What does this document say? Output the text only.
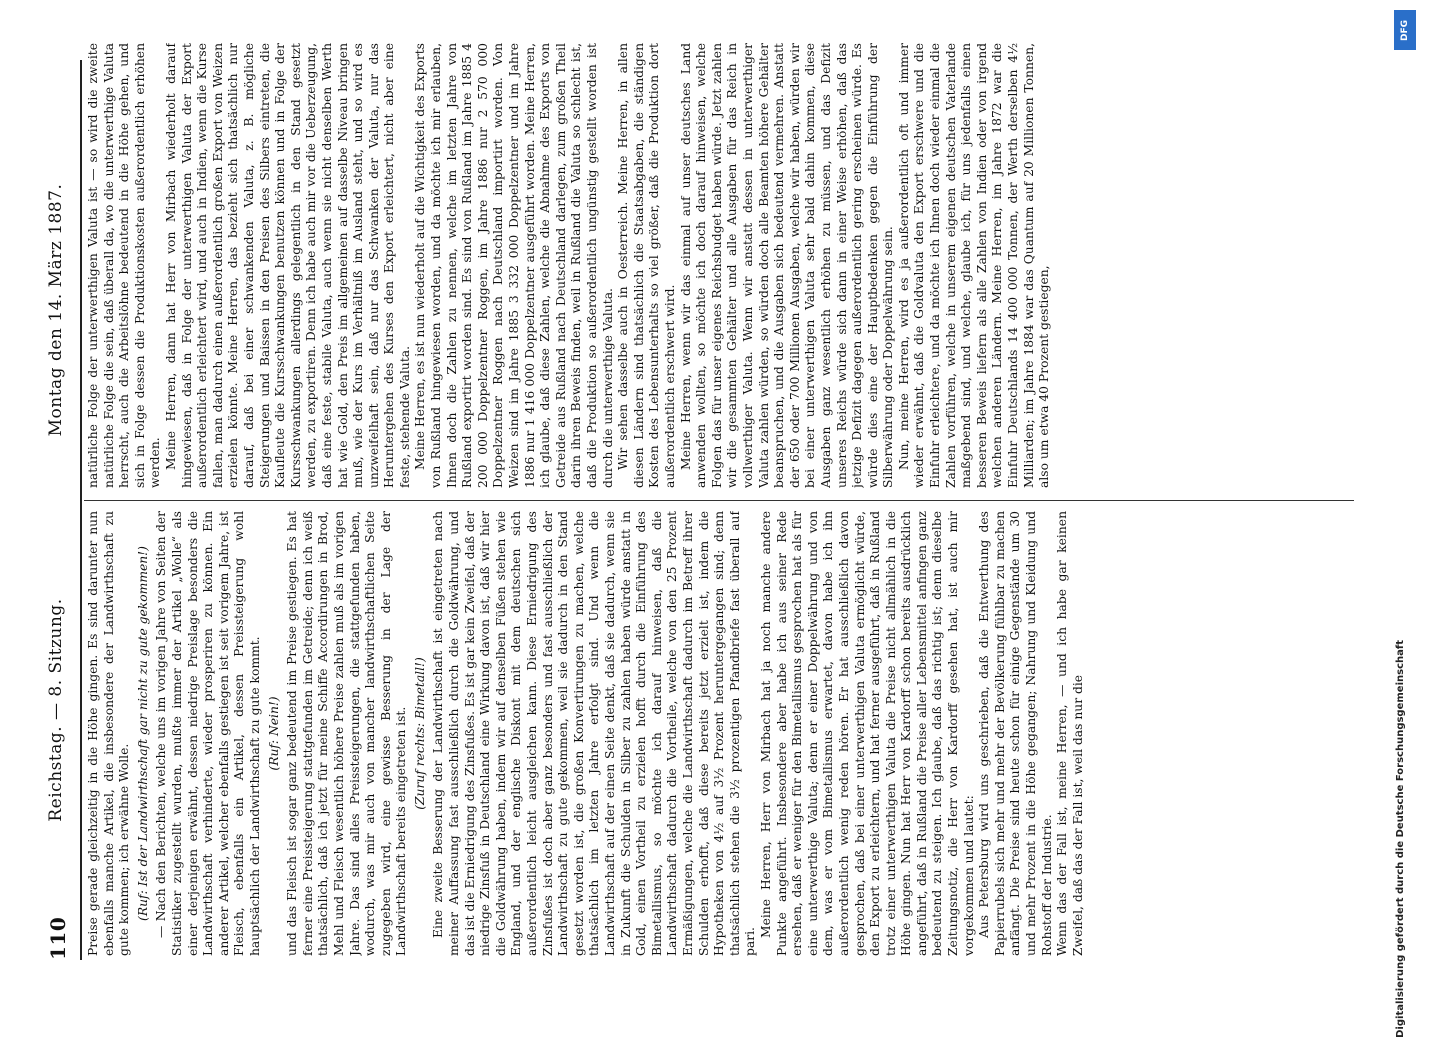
110
Reichstag. — 8. Sitzung.
Montag den 14. März 1887.

Preise gerade gleichzeitig in die Höhe gingen. Es sind darunter nun ebenfalls manche Artikel, die insbesondere der Landwirthschaft zu gute kommen; ich erwähne Wolle. (Ruf: Ist der Landwirthschaft gar nicht zu gute gekommen!) — Nach den Berichten, welche uns im vorigen Jahre von Seiten der Statistiker zugestellt wurden, mußte immer der Artikel „Wolle“ als einer derjenigen erwähnt, dessen niedrige Preislage besonders die Landwirthschaft verhinderte, wieder prosperiren zu können. Ein anderer Artikel, welcher ebenfalls gestiegen ist seit vorigem Jahre, ist Fleisch, ebenfalls ein Artikel, dessen Preissteigerung wohl hauptsächlich der Landwirthschaft zu gute kommt. (Ruf: Nein!) und das Fleisch ist sogar ganz bedeutend im Preise gestiegen. Es hat ferner eine Preissteigerung stattgefunden im Getreide; denn ich weiß thatsächlich, daß ich jetzt für meine Schiffe Accordirungen in Brod, Mehl und Fleisch wesentlich höhere Preise zahlen muß als im vorigen Jahre. Das sind alles Preissteigerungen, die stattgefunden haben, wodurch, was mir auch von mancher landwirthschaftlichen Seite zugegeben wird, eine gewisse Besserung in der Lage der Landwirthschaft bereits eingetreten ist. (Zuruf rechts: Bimetall!) Eine zweite Besserung der Landwirthschaft ist eingetreten nach meiner Auffassung fast ausschließlich durch die Goldwährung, und das ist die Erniedrigung des Zinsfußes. Es ist gar kein Zweifel, daß der niedrige Zinsfuß in Deutschland eine Wirkung davon ist, daß wir hier die Goldwährung haben, indem wir auf denselben Füßen stehen wie England, und der englische Diskont mit dem deutschen sich außerordentlich leicht ausgleichen kann. Diese Erniedrigung des Zinsfußes ist doch aber ganz besonders und fast ausschließlich der Landwirthschaft zu gute gekommen, weil sie dadurch in den Stand gesetzt worden ist, die großen Konvertirungen zu machen, welche thatsächlich im letzten Jahre erfolgt sind. Und wenn die Landwirthschaft auf der einen Seite denkt, daß sie dadurch, wenn sie in Zukunft die Schulden in Silber zu zahlen haben würde anstatt in Gold, einen Vortheil zu erzielen hofft durch die Einführung des Bimetallismus, so möchte ich darauf hinweisen, daß die Landwirthschaft dadurch die Vortheile, welche von den 25 Prozent Ermäßigungen, welche die Landwirthschaft dadurch im Betreff ihrer Schulden erhofft, daß diese bereits jetzt erzielt ist, indem die Hypotheken von 4½ auf 3½ Prozent heruntergegangen sind; denn thatsächlich stehen die 3½ prozentigen Pfandbriefe fast überall auf pari.

Meine Herren, Herr von Mirbach hat ja noch manche andere Punkte angeführt. Insbesondere aber habe ich aus seiner Rede ersehen, daß er weniger für den Bimetallismus gesprochen hat als für eine unterwerthige Valuta; denn er einer Doppelwährung und von dem, was er vom Bimetallismus erwartet, davon habe ich ihn außerordentlich wenig reden hören. Er hat ausschließlich davon gesprochen, daß bei einer unterwerthigen Valuta ermöglicht würde, den Export zu erleichtern, und hat ferner ausgeführt, daß in Rußland trotz einer unterwerthigen Valuta die Preise nicht allmählich in die Höhe gingen. Nun hat Herr von Kardorff schon bereits ausdrücklich angeführt, daß in Rußland die Preise aller Lebensmittel anfingen ganz bedeutend zu steigen. Ich glaube, daß das richtig ist; denn dieselbe Zeitungsnotiz, die Herr von Kardorff gesehen hat, ist auch mir vorgekommen und lautet: Aus Petersburg wird uns geschrieben, daß die Entwerthung des Papierrubels sich mehr und mehr der Bevölkerung fühlbar zu machen anfängt. Die Preise sind heute schon für einige Gegenstände um 30 und mehr Prozent in die Höhe gegangen; Nahrung und Kleidung und Rohstoff der Industrie. Wenn das der Fall ist, meine Herren, — und ich habe gar keinen Zweifel, daß das der Fall ist, weil das nur die

natürliche Folge der unterwerthigen Valuta ist — so wird die zweite natürliche Folge die sein, daß überall da, wo die unterwerthige Valuta herrscht, auch die Arbeitslöhne bedeutend in die Höhe gehen, und sich in Folge dessen die Produktionskosten außerordentlich erhöhen werden. Meine Herren, dann hat Herr von Mirbach wiederholt darauf hingewiesen, daß in Folge der unterwerthigen Valuta der Export außerordentlich erleichtert wird, und auch in Indien, wenn die Kurse fallen, man dadurch einen außerordentlich großen Export von Weizen erzielen könnte. Meine Herren, das bezieht sich thatsächlich nur darauf, daß bei einer schwankenden Valuta, z. B. mögliche Steigerungen und Baissen in den Preisen des Silbers eintreten, die Kaufleute die Kursschwankungen benutzen können und in Folge der Kursschwankungen allerdings gelegentlich in den Stand gesetzt werden, zu exportiren. Denn ich habe auch mir vor die Ueberzeugung, daß eine feste, stabile Valuta, auch wenn sie nicht denselben Werth hat wie Gold, den Preis im allgemeinen auf dasselbe Niveau bringen muß, wie der Kurs im Verhältniß im Ausland steht, und so wird es unzweifelhaft sein, daß nur das Schwanken der Valuta, nur das Heruntergehen des Kurses den Export erleichtert, nicht aber eine feste, stehende Valuta. Meine Herren, es ist nun wiederholt auf die Wichtigkeit des Exports von Rußland hingewiesen worden, und da möchte ich mir erlauben, Ihnen doch die Zahlen zu nennen, welche im letzten Jahre von Rußland exportirt worden sind. Es sind von Rußland im Jahre 1885 4 200 000 Doppelzentner Roggen, im Jahre 1886 nur 2 570 000 Doppelzentner Roggen nach Deutschland importirt worden. Von Weizen sind im Jahre 1885 3 332 000 Doppelzentner und im Jahre 1886 nur 1 416 000 Doppelzentner ausgeführt worden. Meine Herren, ich glaube, daß diese Zahlen, welche die Abnahme des Exports von Getreide aus Rußland nach Deutschland darlegen, zum großen Theil darin ihren Beweis finden, weil in Rußland die Valuta so schlecht ist, daß die Produktion so außerordentlich ungünstig gestellt worden ist durch die unterwerthige Valuta. Wir sehen dasselbe auch in Oesterreich. Meine Herren, in allen diesen Ländern sind thatsächlich die Staatsabgaben, die ständigen Kosten des Lebensunterhalts so viel größer, daß die Produktion dort außerordentlich erschwert wird. Meine Herren, wenn wir das einmal auf unser deutsches Land anwenden wollten, so möchte ich doch darauf hinweisen, welche Folgen das für unser eigenes Reichsbudget haben würde. Jetzt zahlen wir die gesammten Gehälter und alle Ausgaben für das Reich in vollwerthiger Valuta. Wenn wir anstatt dessen in unterwerthiger Valuta zahlen würden, so würden doch alle Beamten höhere Gehälter beanspruchen, und die Ausgaben sich bedeutend vermehren. Anstatt der 650 oder 700 Millionen Ausgaben, welche wir haben, würden wir bei einer unterwerthigen Valuta sehr bald dahin kommen, diese Ausgaben ganz wesentlich erhöhen zu müssen, und das Defizit unseres Reichs würde sich dann in einer Weise erhöhen, daß das jetzige Defizit dagegen außerordentlich gering erscheinen würde. Es würde dies eine der Hauptbedenken gegen die Einführung der Silberwährung oder Doppelwährung sein. Nun, meine Herren, wird es ja außerordentlich oft und immer wieder erwähnt, daß die Goldvaluta den Export erschwere und die Einfuhr erleichtere, und da möchte ich Ihnen doch wieder einmal die Zahlen vorführen, welche in unserem eigenen deutschen Vaterlande maßgebend sind, und welche, glaube ich, für uns jedenfalls einen besseren Beweis liefern als alle Zahlen von Indien oder von irgend welchen anderen Ländern. Meine Herren, im Jahre 1872 war die Einfuhr Deutschlands 14 400 000 Tonnen, der Werth derselben 4½ Milliarden; im Jahre 1884 war das Quantum auf 20 Millionen Tonnen, also um etwa 40 Prozent gestiegen,

DFG
Digitalisierung gefördert durch die Deutsche Forschungsgemeinschaft
